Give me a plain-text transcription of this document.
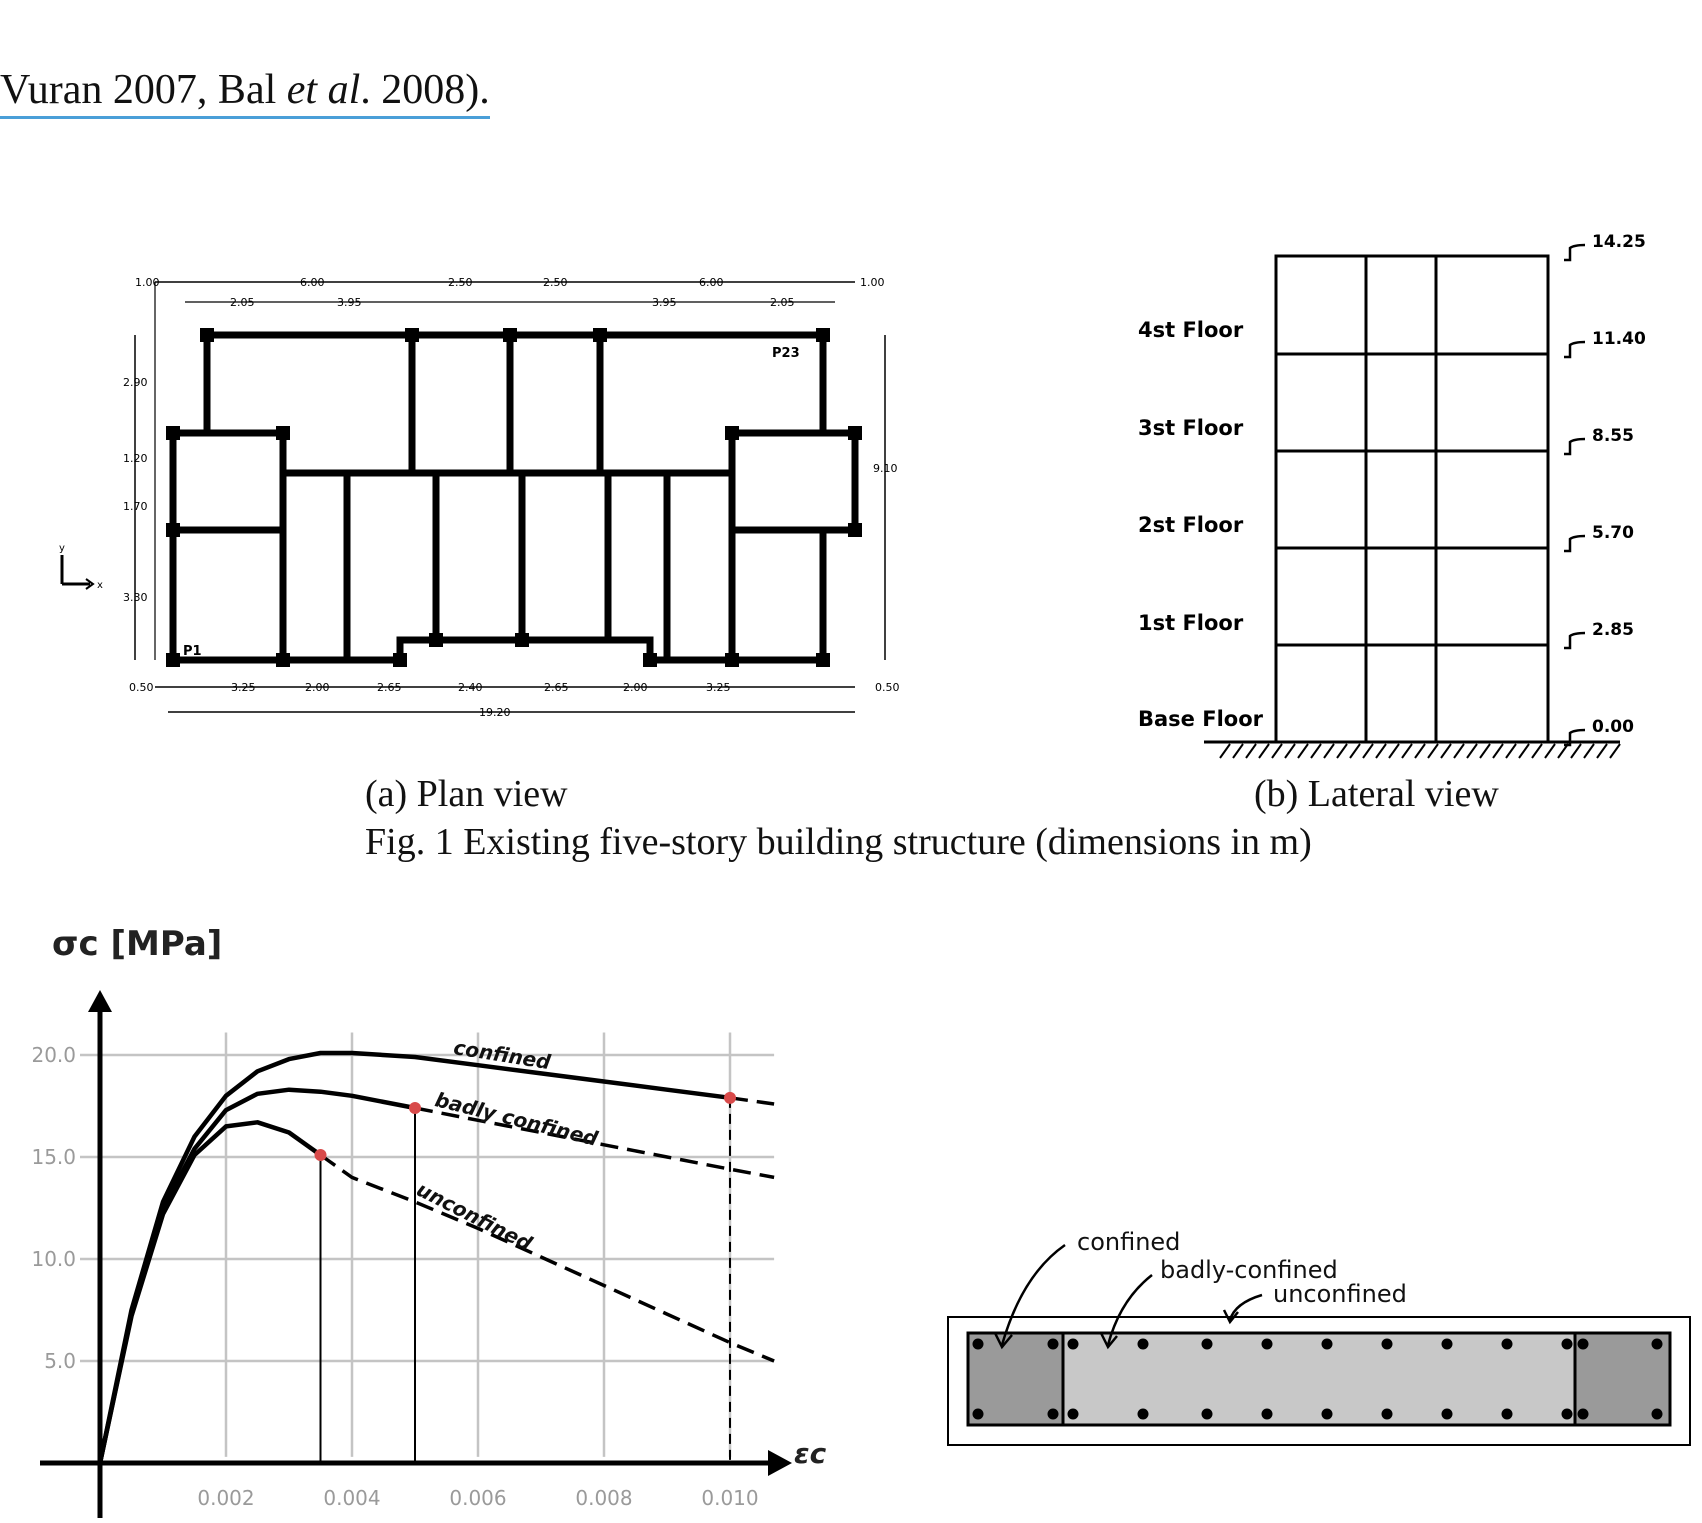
Vuran 2007, Bal et al. 2008).
1.00	6.00	2.50	2.50	6.00	1.00
2.05	3.95	3.95	2.05
2.90
1.20
1.70
3.30
9.10
0.50	3.25	2.00	2.65	2.40	2.65	2.00	3.25	0.50
19.20
P1
P23
y
x
4st Floor
3st Floor
2st Floor
1st Floor
Base Floor
14.25
11.40
8.55
5.70
2.85
0.00
(a) Plan view	(b) Lateral view
Fig. 1 Existing five-story building structure (dimensions in m)
confined
badly confined
unconfined
0.002	0.004	0.006	0.008	0.010
5.0
10.0
15.0
20.0
σc [MPa]
εc
confined
badly-confined
unconfined
